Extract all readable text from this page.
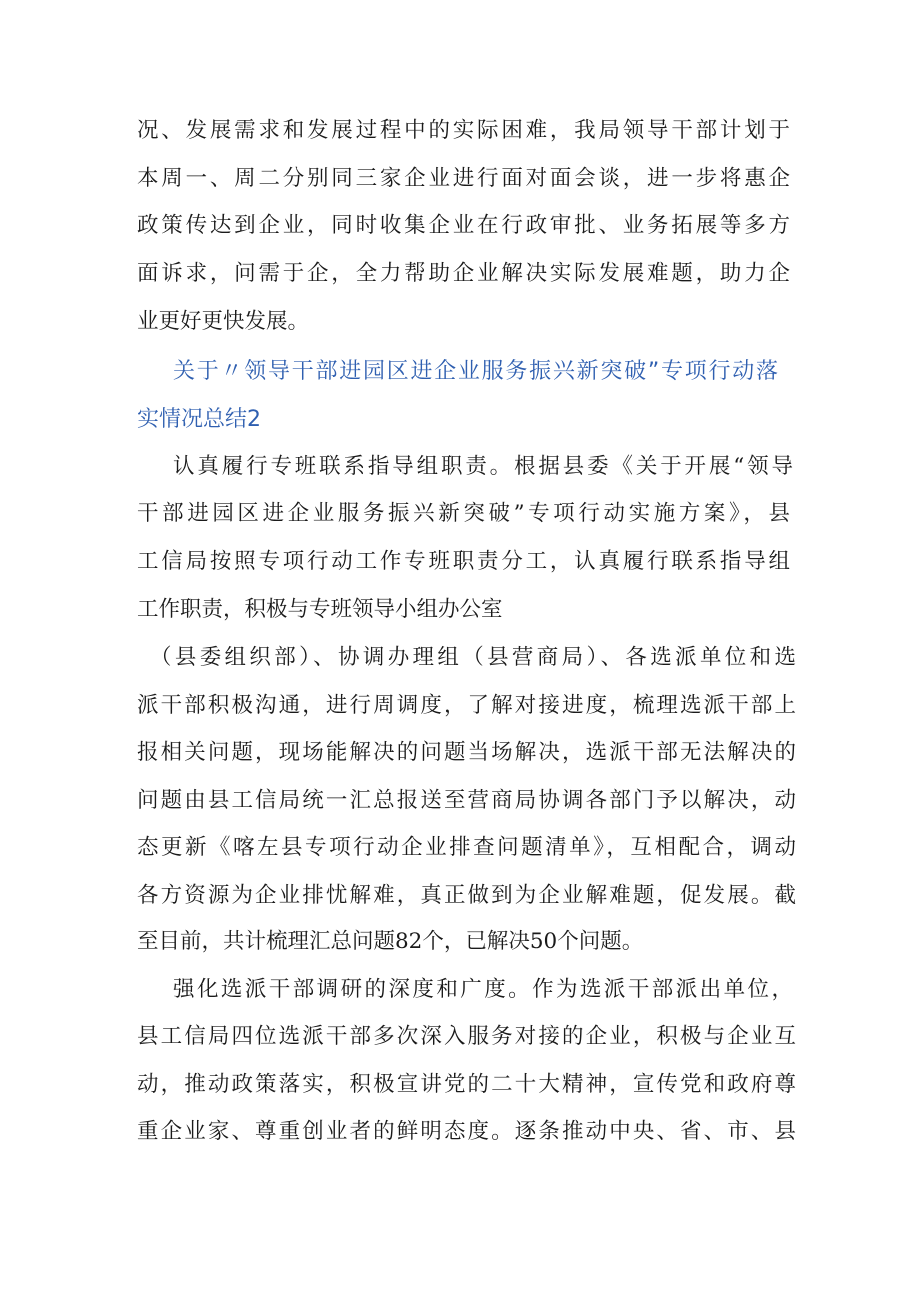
况、发展需求和发展过程中的实际困难，我局领导干部计划于
本周一、周二分别同三家企业进行面对面会谈，进一步将惠企
政策传达到企业，同时收集企业在行政审批、业务拓展等多方
面诉求，问需于企，全力帮助企业解决实际发展难题，助力企
业更好更快发展。
关于〃领导干部进园区进企业服务振兴新突破”专项行动落
实情况总结2
认真履行专班联系指导组职责。根据县委《关于开展“领导
干部进园区进企业服务振兴新突破”专项行动实施方案》，县
工信局按照专项行动工作专班职责分工，认真履行联系指导组
工作职责，积极与专班领导小组办公室
（县委组织部）、协调办理组（县营商局）、各选派单位和选
派干部积极沟通，进行周调度，了解对接进度，梳理选派干部上
报相关问题，现场能解决的问题当场解决，选派干部无法解决的
问题由县工信局统一汇总报送至营商局协调各部门予以解决，动
态更新《喀左县专项行动企业排查问题清单》，互相配合，调动
各方资源为企业排忧解难，真正做到为企业解难题，促发展。截
至目前，共计梳理汇总问题82个，已解决50个问题。
强化选派干部调研的深度和广度。作为选派干部派出单位，
县工信局四位选派干部多次深入服务对接的企业，积极与企业互
动，推动政策落实，积极宣讲党的二十大精神，宣传党和政府尊
重企业家、尊重创业者的鲜明态度。逐条推动中央、省、市、县
